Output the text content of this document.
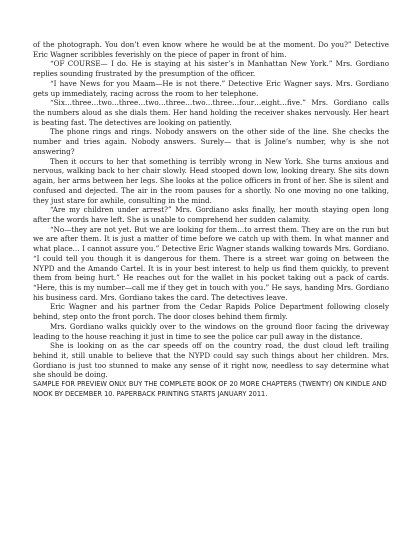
of the photograph. You don’t even know where he would be at the moment. Do you?” Detective Eric Wagner scribbles feverishly on the piece of paper in front of him.

“OF COURSE— I do. He is staying at his sister’s in Manhattan New York.” Mrs. Gordiano replies sounding frustrated by the presumption of the officer.

“I have News for you Maam—He is not there.” Detective Eric Wagner says. Mrs. Gordiano gets up immediately, racing across the room to her telephone.

“Six…three…two…three…two…three…two…three…four…eight…five.” Mrs. Gordiano calls the numbers aloud as she dials them. Her hand holding the receiver shakes nervously. Her heart is beating fast. The detectives are looking on patiently.

The phone rings and rings. Nobody answers on the other side of the line. She checks the number and tries again. Nobody answers. Surely— that is Joline’s number, why is she not answering?

Then it occurs to her that something is terribly wrong in New York. She turns anxious and nervous, walking back to her chair slowly. Head stooped down low, looking dreary. She sits down again, her arms between her legs. She looks at the police officers in front of her. She is silent and confused and dejected. The air in the room pauses for a shortly. No one moving no one talking, they just stare for awhile, consulting in the mind.

“Are my children under arrest?” Mrs. Gordiano asks finally, her mouth staying open long after the words have left. She is unable to comprehend her sudden calamity.

“No—they are not yet. But we are looking for them…to arrest them. They are on the run but we are after them. It is just a matter of time before we catch up with them. In what manner and what place… I cannot assure you.” Detective Eric Wagner stands walking towards Mrs. Gordiano. “I could tell you though it is dangerous for them. There is a street war going on between the NYPD and the Amando Cartel. It is in your best interest to help us find them quickly, to prevent them from being hurt.” He reaches out for the wallet in his pocket taking out a pack of cards. “Here, this is my number—call me if they get in touch with you.” He says, handing Mrs. Gordiano his business card. Mrs. Gordiano takes the card. The detectives leave.

Eric Wagner and his partner from the Cedar Rapids Police Department following closely behind, step onto the front porch. The door closes behind them firmly.

Mrs. Gordiano walks quickly over to the windows on the ground floor facing the driveway leading to the house reaching it just in time to see the police car pull away in the distance.

She is looking on as the car speeds off on the country road, the dust cloud left trailing behind it, still unable to believe that the NYPD could say such things about her children. Mrs. Gordiano is just too stunned to make any sense of it right now, needless to say determine what she should be doing.

SAMPLE FOR PREVIEW ONLY. BUY THE COMPLETE BOOK OF 20 MORE CHAPTERS (TWENTY) ON KINDLE AND NOOK BY DECEMBER 10. PAPERBACK PRINTING STARTS JANUARY 2011.
